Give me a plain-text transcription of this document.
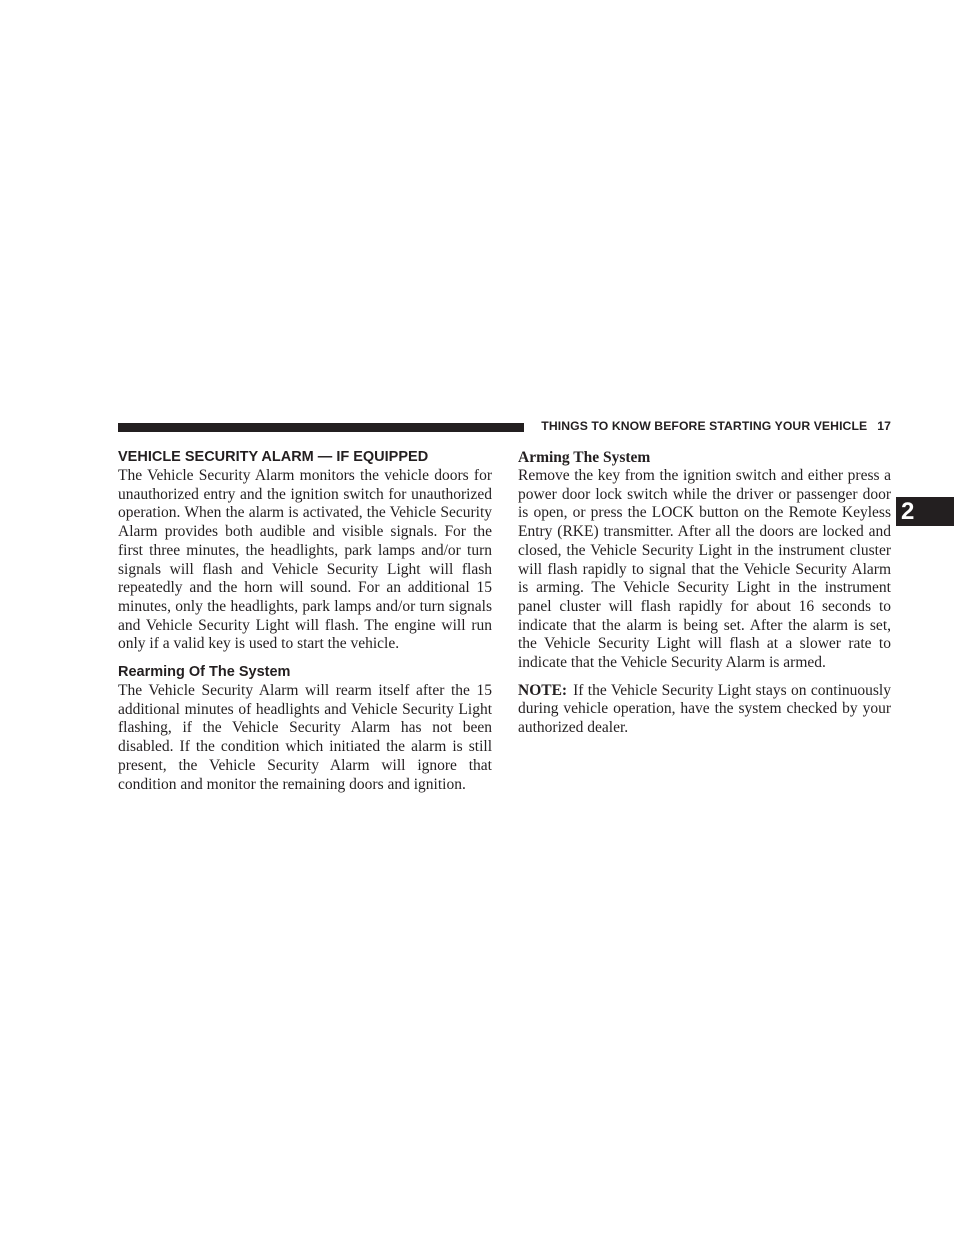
THINGS TO KNOW BEFORE STARTING YOUR VEHICLE 17
2
VEHICLE SECURITY ALARM — IF EQUIPPED

The Vehicle Security Alarm monitors the vehicle doors for unauthorized entry and the ignition switch for unauthorized operation. When the alarm is activated, the Vehicle Security Alarm provides both audible and visible signals. For the first three minutes, the headlights, park lamps and/or turn signals will flash and Vehicle Security Light will flash repeatedly and the horn will sound. For an additional 15 minutes, only the headlights, park lamps and/or turn signals and Vehicle Security Light will flash. The engine will run only if a valid key is used to start the vehicle.

Rearming Of The System

The Vehicle Security Alarm will rearm itself after the 15 additional minutes of headlights and Vehicle Security Light flashing, if the Vehicle Security Alarm has not been disabled. If the condition which initiated the alarm is still present, the Vehicle Security Alarm will ignore that condition and monitor the remaining doors and ignition.

Arming The System

Remove the key from the ignition switch and either press a power door lock switch while the driver or passenger door is open, or press the LOCK button on the Remote Keyless Entry (RKE) transmitter. After all the doors are locked and closed, the Vehicle Security Light in the instrument cluster will flash rapidly to signal that the Vehicle Security Alarm is arming. The Vehicle Security Light in the instrument panel cluster will flash rapidly for about 16 seconds to indicate that the alarm is being set. After the alarm is set, the Vehicle Security Light will flash at a slower rate to indicate that the Vehicle Security Alarm is armed.

NOTE: If the Vehicle Security Light stays on continuously during vehicle operation, have the system checked by your authorized dealer.
